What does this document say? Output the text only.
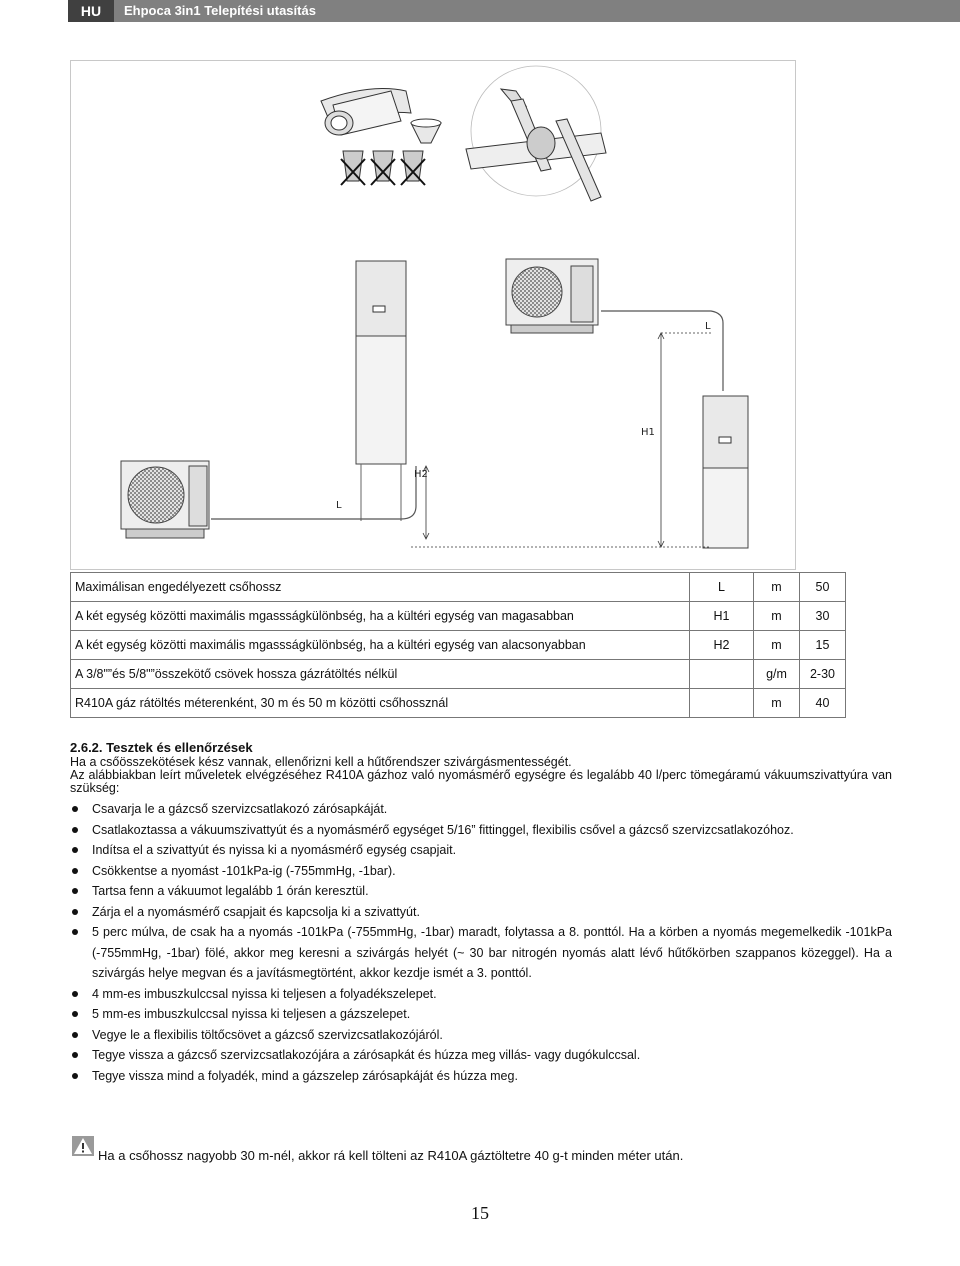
HU	Ehpoca 3in1 Telepítési utasítás
L
H1
H2
L
Maximálisan engedélyezett csőhossz	L	m	50
A két egység közötti maximális mgassságkülönbség, ha a kültéri egység van magasabban	H1	m	30
A két egység közötti maximális mgassságkülönbség, ha a kültéri egység van alacsonyabban	H2	m	15
A 3/8"”és 5/8"”összekötő csövek hossza gázrátöltés nélkül		g/m	2-30
R410A gáz rátöltés méterenként, 30 m és 50 m közötti csőhossznál		m	40
2.6.2. Tesztek és ellenőrzések
Ha a csőösszekötések kész vannak, ellenőrizni kell a hűtőrendszer szivárgásmentességét.
Az alábbiakban leírt műveletek elvégzéséhez R410A gázhoz való nyomásmérő egységre és legalább 40 l/perc tömegáramú vákuumszivattyúra van szükség:
Csavarja le a gázcső szervizcsatlakozó zárósapkáját.
Csatlakoztassa a vákuumszivattyút és a nyomásmérő egységet 5/16” fittinggel, flexibilis csővel a gázcső szervizcsatlakozóhoz.
Indítsa el a szivattyút és nyissa ki a nyomásmérő egység csapjait.
Csökkentse a nyomást -101kPa-ig (-755mmHg, -1bar).
Tartsa fenn a vákuumot legalább 1 órán keresztül.
Zárja el a nyomásmérő csapjait és kapcsolja ki a szivattyút.
5 perc múlva, de csak ha a nyomás -101kPa (-755mmHg, -1bar) maradt, folytassa a 8. ponttól. Ha a körben a nyomás megemelkedik -101kPa (-755mmHg, -1bar) fölé, akkor meg keresni a szivárgás helyét (~ 30 bar nitrogén nyomás alatt lévő hűtőkörben szappanos közeggel). Ha a szivárgás helye megvan és a javításmegtörtént, akkor kezdje ismét a 3. ponttól.
4 mm-es imbuszkulccsal nyissa ki teljesen a folyadékszelepet.
5 mm-es imbuszkulccsal nyissa ki teljesen a gázszelepet.
Vegye le a flexibilis töltőcsövet a gázcső szervizcsatlakozójáról.
Tegye vissza a gázcső szervizcsatlakozójára a zárósapkát és húzza meg villás- vagy dugókulccsal.
Tegye vissza mind a folyadék, mind a gázszelep zárósapkáját és húzza meg.
Ha a csőhossz nagyobb 30 m-nél, akkor rá kell tölteni az R410A gáztöltetre 40 g-t minden méter után.
15
